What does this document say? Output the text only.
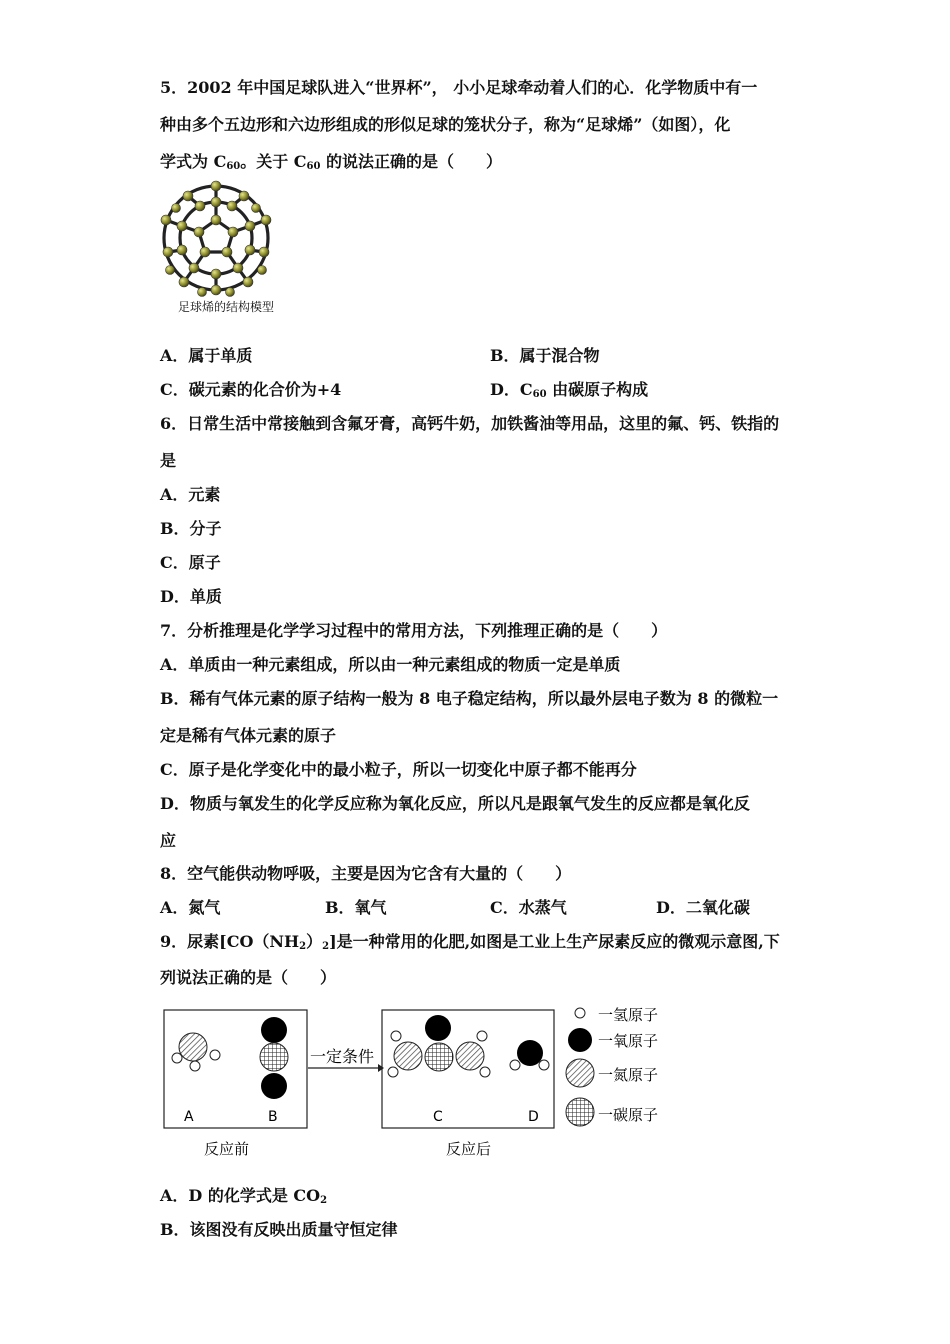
5．2002 年中国足球队进入“世界杯”， 小小足球牵动着人们的心．化学物质中有一
种由多个五边形和六边形组成的形似足球的笼状分子，称为“足球烯”（如图），化
学式为 $C_{60}$。关于 $C_{60}$ 的说法正确的是（　　）
足球烯的结构模型
A．属于单质	B．属于混合物
C．碳元素的化合价为+4	D．$C_{60}$ 由碳原子构成
6．日常生活中常接触到含氟牙膏，高钙牛奶，加铁酱油等用品，这里的氟、钙、铁指的
是
A．元素
B．分子
C．原子
D．单质
7．分析推理是化学学习过程中的常用方法，下列推理正确的是（　　）
A．单质由一种元素组成，所以由一种元素组成的物质一定是单质
B．稀有气体元素的原子结构一般为 8 电子稳定结构，所以最外层电子数为 8 的微粒一
定是稀有气体元素的原子
C．原子是化学变化中的最小粒子，所以一切变化中原子都不能再分
D．物质与氧发生的化学反应称为氧化反应，所以凡是跟氧气发生的反应都是氧化反
应
8．空气能供动物呼吸，主要是因为它含有大量的（　　）
A．氮气	B．氧气	C．水蒸气	D．二氧化碳
9．尿素$[CO(NH_2)_2]$是一种常用的化肥,如图是工业上生产尿素反应的微观示意图,下
列说法正确的是（　　）
A	B
一定条件
C	D
反应前	反应后
一氢原子
一氧原子
一氮原子
一碳原子
A．D 的化学式是 $CO_2$
B．该图没有反映出质量守恒定律
